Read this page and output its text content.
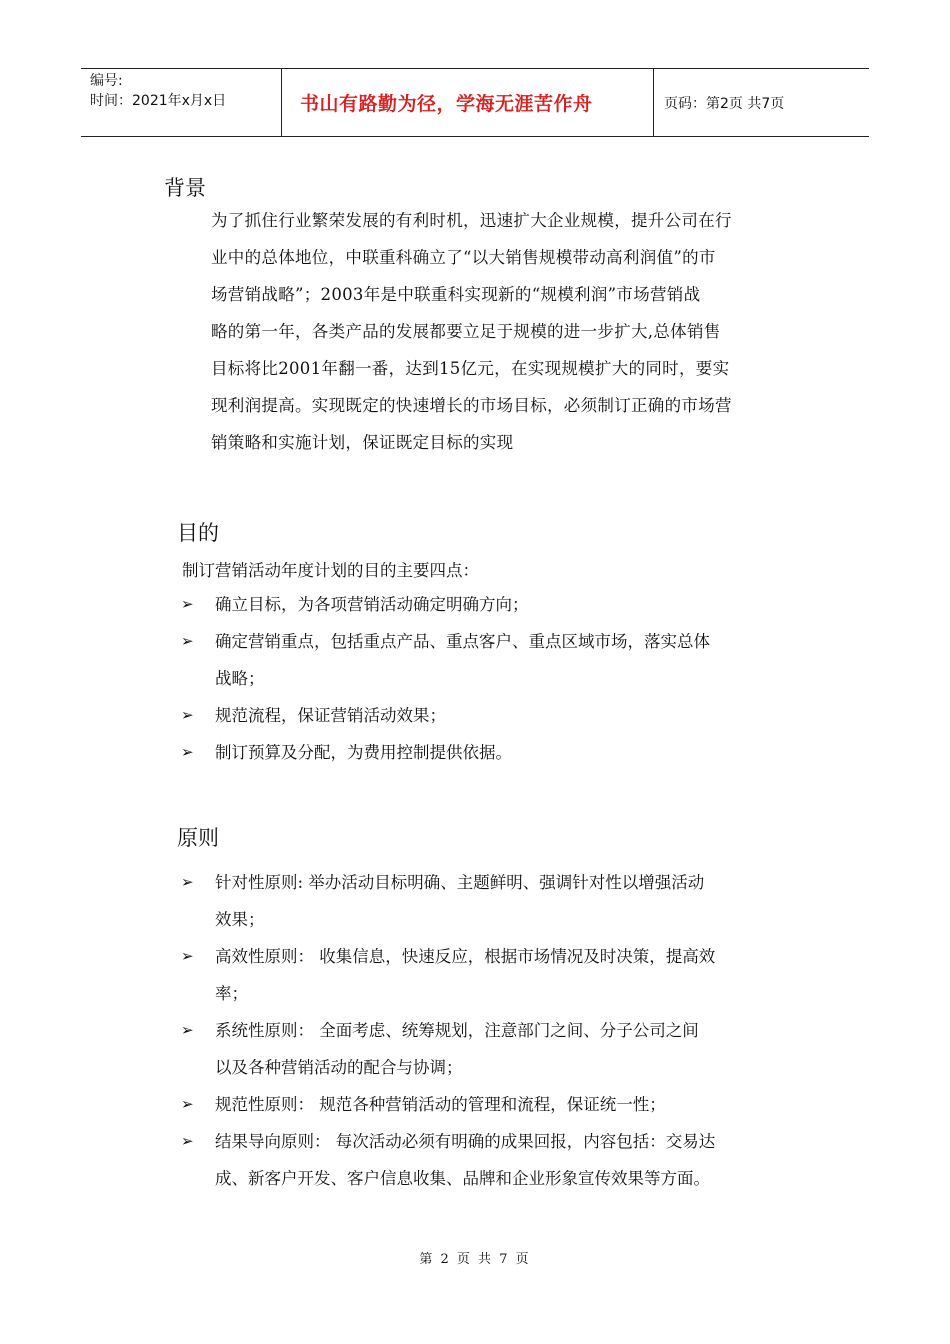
编号:
时间：2021年x月x日	书山有路勤为径，学海无涯苦作舟	页码：第2页 共7页
背景
为了抓住行业繁荣发展的有利时机，迅速扩大企业规模，提升公司在行
业中的总体地位，中联重科确立了“以大销售规模带动高利润值”的市
场营销战略”；2003年是中联重科实现新的“规模利润”市场营销战
略的第一年，各类产品的发展都要立足于规模的进一步扩大,总体销售
目标将比2001年翻一番，达到15亿元，在实现规模扩大的同时，要实
现利润提高。实现既定的快速增长的市场目标，必须制订正确的市场营
销策略和实施计划，保证既定目标的实现
目的
制订营销活动年度计划的目的主要四点：
➢ 确立目标，为各项营销活动确定明确方向；
➢ 确定营销重点，包括重点产品、重点客户、重点区域市场，落实总体
战略；
➢ 规范流程，保证营销活动效果；
➢ 制订预算及分配，为费用控制提供依据。
原则
➢ 针对性原则: 举办活动目标明确、主题鲜明、强调针对性以增强活动
效果；
➢ 高效性原则： 收集信息，快速反应，根据市场情况及时决策，提高效
率；
➢ 系统性原则： 全面考虑、统筹规划，注意部门之间、分子公司之间
以及各种营销活动的配合与协调；
➢ 规范性原则： 规范各种营销活动的管理和流程，保证统一性；
➢ 结果导向原则： 每次活动必须有明确的成果回报，内容包括：交易达
成、新客户开发、客户信息收集、品牌和企业形象宣传效果等方面。
第 2 页 共 7 页
